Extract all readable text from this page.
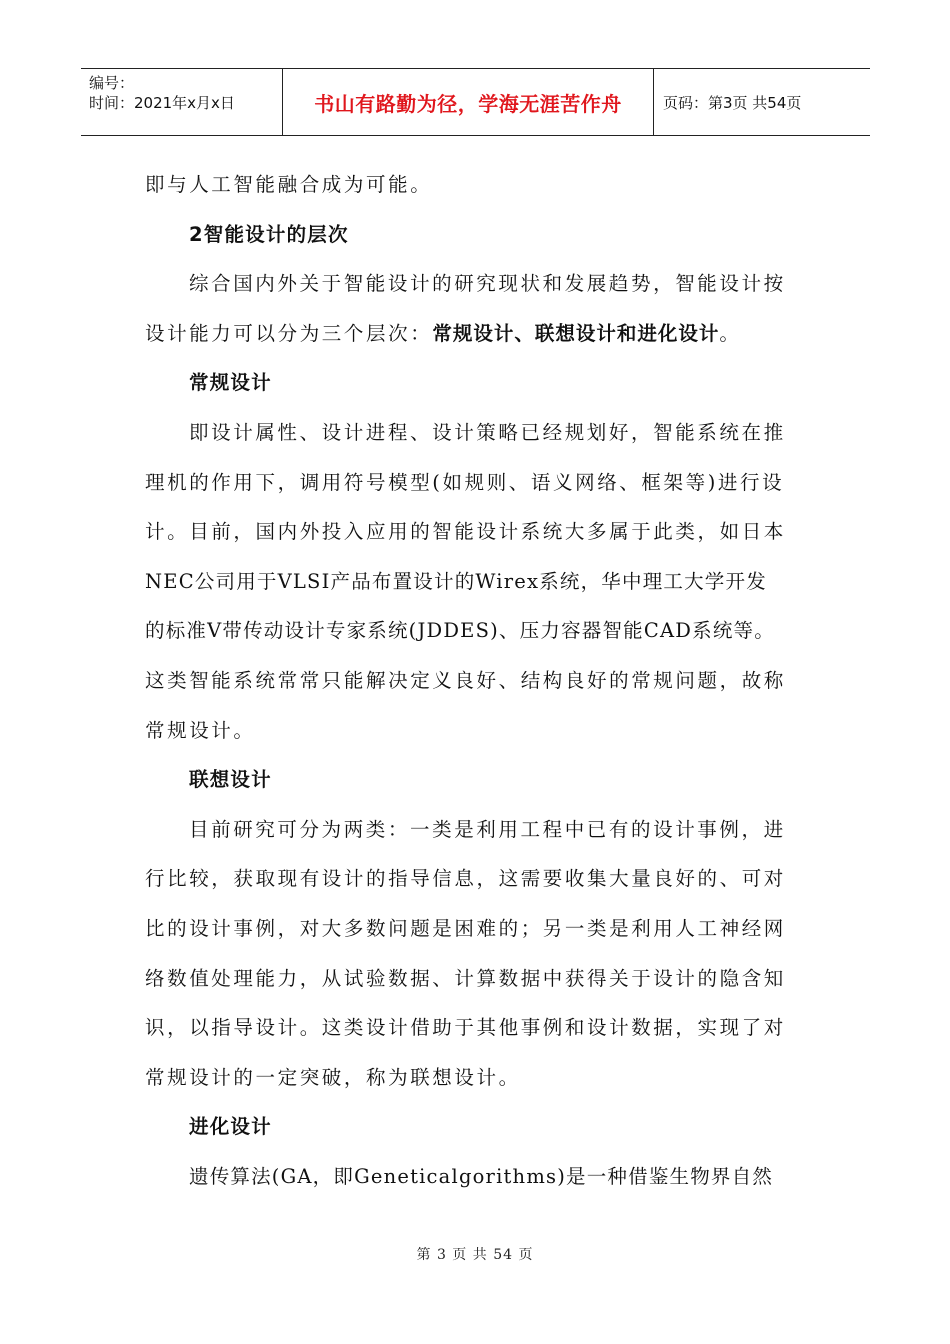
编号：
时间：2021年x月x日	书山有路勤为径，学海无涯苦作舟	页码：第3页 共54页
即与人工智能融合成为可能。
2智能设计的层次
综合国内外关于智能设计的研究现状和发展趋势，智能设计按
设计能力可以分为三个层次：常规设计、联想设计和进化设计。
常规设计
即设计属性、设计进程、设计策略已经规划好，智能系统在推
理机的作用下，调用符号模型(如规则、语义网络、框架等)进行设
计。目前，国内外投入应用的智能设计系统大多属于此类，如日本
NEC公司用于VLSI产品布置设计的Wirex系统，华中理工大学开发
的标准V带传动设计专家系统(JDDES)、压力容器智能CAD系统等。
这类智能系统常常只能解决定义良好、结构良好的常规问题，故称
常规设计。
联想设计
目前研究可分为两类：一类是利用工程中已有的设计事例，进
行比较，获取现有设计的指导信息，这需要收集大量良好的、可对
比的设计事例，对大多数问题是困难的；另一类是利用人工神经网
络数值处理能力，从试验数据、计算数据中获得关于设计的隐含知
识，以指导设计。这类设计借助于其他事例和设计数据，实现了对
常规设计的一定突破，称为联想设计。
进化设计
遗传算法(GA，即Geneticalgorithms)是一种借鉴生物界自然
第 3 页 共 54 页
